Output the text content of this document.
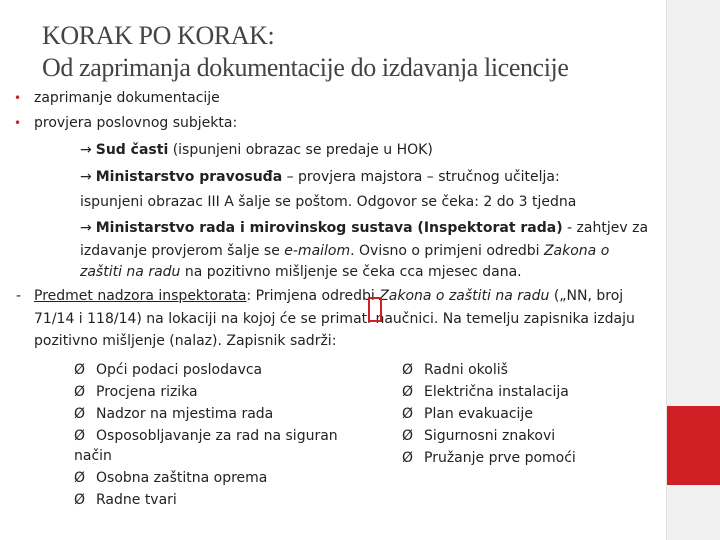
KORAK PO KORAK:
Od zaprimanja dokumentacije do izdavanja licencije
• zaprimanje dokumentacije
• provjera poslovnog subjekta:
→ Sud časti (ispunjeni obrazac se predaje u HOK)
→ Ministarstvo pravosuđa – provjera majstora – stručnog učitelja:
ispunjeni obrazac III A šalje se poštom. Odgovor se čeka: 2 do 3 tjedna
→ Ministarstvo rada i mirovinskog sustava (Inspektorat rada) - zahtjev za
izdavanje provjerom šalje se e-mailom. Ovisno o primjeni odredbi Zakona o
zaštiti na radu na pozitivno mišljenje se čeka cca mjesec dana.
- Predmet nadzora inspektorata: Primjena odredbi Zakona o zaštiti na radu („NN, broj
71/14 i 118/14) na lokaciji na kojoj će se primati naučnici. Na temelju zapisnika izdaju
pozitivno mišljenje (nalaz). Zapisnik sadrži:
Ø Opći podaci poslodavca
Ø Procjena rizika
Ø Nadzor na mjestima rada
Ø Osposobljavanje za rad na siguran
način
Ø Osobna zaštitna oprema
Ø Radne tvari
Ø Radni okoliš
Ø Električna instalacija
Ø Plan evakuacije
Ø Sigurnosni znakovi
Ø Pružanje prve pomoći
